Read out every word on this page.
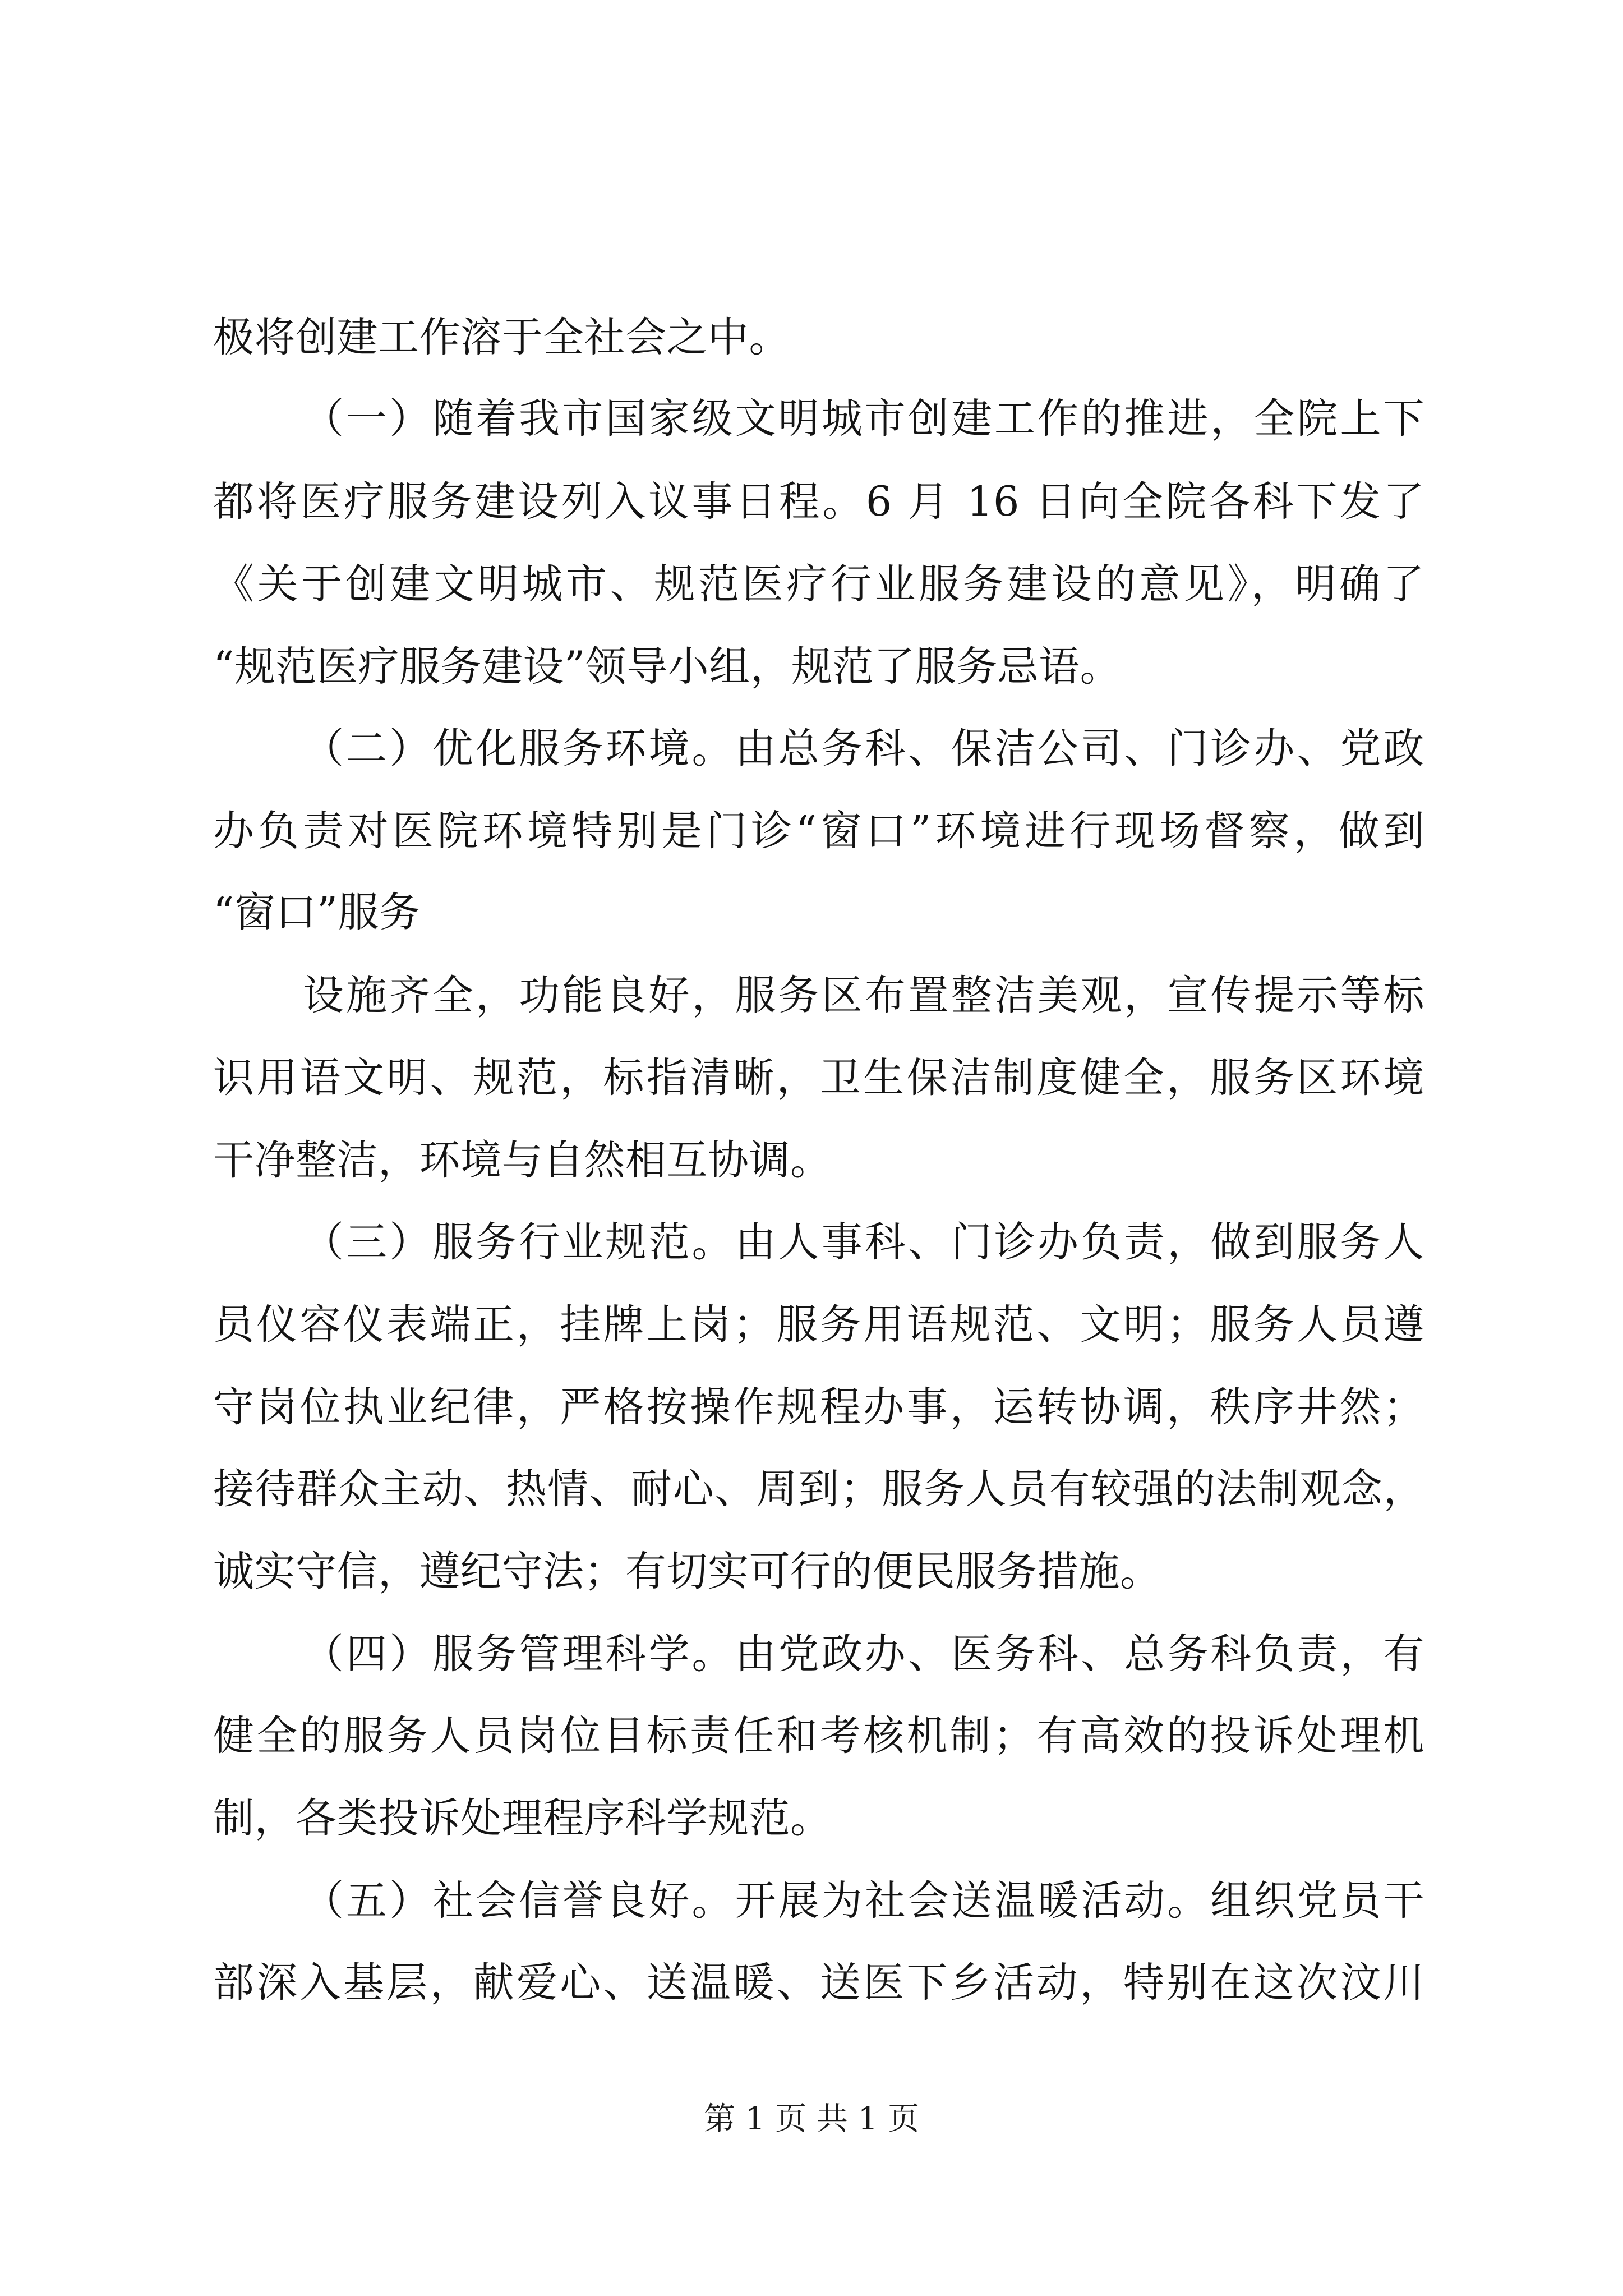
极将创建工作溶于全社会之中。
（一）随着我市国家级文明城市创建工作的推进，全院上下
都将医疗服务建设列入议事日程。6 月 16 日向全院各科下发了
《关于创建文明城市、规范医疗行业服务建设的意见》，明确了
“规范医疗服务建设”领导小组，规范了服务忌语。
（二）优化服务环境。由总务科、保洁公司、门诊办、党政
办负责对医院环境特别是门诊“窗口”环境进行现场督察，做到
“窗口”服务
设施齐全，功能良好，服务区布置整洁美观，宣传提示等标
识用语文明、规范，标指清晰，卫生保洁制度健全，服务区环境
干净整洁，环境与自然相互协调。
（三）服务行业规范。由人事科、门诊办负责，做到服务人
员仪容仪表端正，挂牌上岗；服务用语规范、文明；服务人员遵
守岗位执业纪律，严格按操作规程办事，运转协调，秩序井然；
接待群众主动、热情、耐心、周到；服务人员有较强的法制观念，
诚实守信，遵纪守法；有切实可行的便民服务措施。
（四）服务管理科学。由党政办、医务科、总务科负责，有
健全的服务人员岗位目标责任和考核机制；有高效的投诉处理机
制，各类投诉处理程序科学规范。
（五）社会信誉良好。开展为社会送温暖活动。组织党员干
部深入基层，献爱心、送温暖、送医下乡活动，特别在这次汶川
第 1 页 共 1 页
